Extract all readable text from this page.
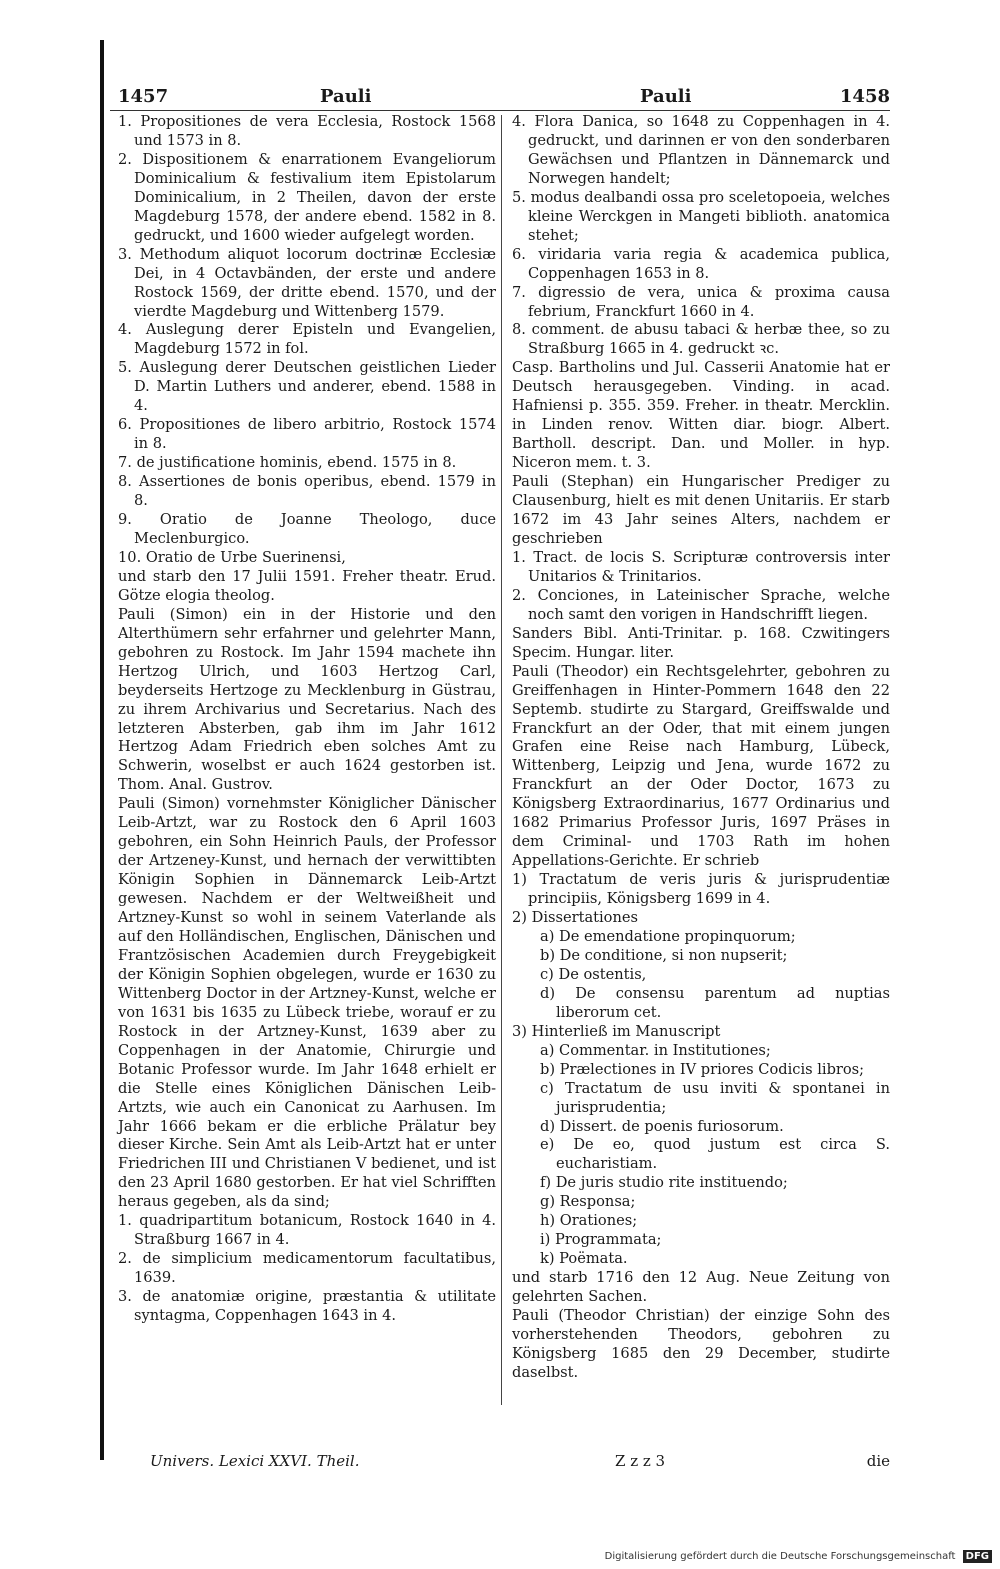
1457	Pauli	Pauli	1458

1. Propositiones de vera Ecclesia, Rostock 1568 und 1573 in 8.

2. Dispositionem & enarrationem Evangeliorum Dominicalium & festivalium item Epistolarum Dominicalium, in 2 Theilen, davon der erste Magdeburg 1578, der andere ebend. 1582 in 8. gedruckt, und 1600 wieder aufgelegt worden.

3. Methodum aliquot locorum doctrinæ Ecclesiæ Dei, in 4 Octavbänden, der erste und andere Rostock 1569, der dritte ebend. 1570, und der vierdte Magdeburg und Wittenberg 1579.

4. Auslegung derer Episteln und Evangelien, Magdeburg 1572 in fol.

5. Auslegung derer Deutschen geistlichen Lieder D. Martin Luthers und anderer, ebend. 1588 in 4.

6. Propositiones de libero arbitrio, Rostock 1574 in 8.

7. de justificatione hominis, ebend. 1575 in 8.

8. Assertiones de bonis operibus, ebend. 1579 in 8.

9. Oratio de Joanne Theologo, duce Meclenburgico.

10. Oratio de Urbe Suerinensi,

und starb den 17 Julii 1591. Freher theatr. Erud. Götze elogia theolog.

Pauli (Simon) ein in der Historie und den Alterthümern sehr erfahrner und gelehrter Mann, gebohren zu Rostock. Im Jahr 1594 machete ihn Hertzog Ulrich, und 1603 Hertzog Carl, beyderseits Hertzoge zu Mecklenburg in Güstrau, zu ihrem Archivarius und Secretarius. Nach des letzteren Absterben, gab ihm im Jahr 1612 Hertzog Adam Friedrich eben solches Amt zu Schwerin, woselbst er auch 1624 gestorben ist. Thom. Anal. Gustrov.

Pauli (Simon) vornehmster Königlicher Dänischer Leib-Artzt, war zu Rostock den 6 April 1603 gebohren, ein Sohn Heinrich Pauls, der Professor der Artzeney-Kunst, und hernach der verwittibten Königin Sophien in Dännemarck Leib-Artzt gewesen. Nachdem er der Weltweißheit und Artzney-Kunst so wohl in seinem Vaterlande als auf den Holländischen, Englischen, Dänischen und Frantzösischen Academien durch Freygebigkeit der Königin Sophien obgelegen, wurde er 1630 zu Wittenberg Doctor in der Artzney-Kunst, welche er von 1631 bis 1635 zu Lübeck triebe, worauf er zu Rostock in der Artzney-Kunst, 1639 aber zu Coppenhagen in der Anatomie, Chirurgie und Botanic Professor wurde. Im Jahr 1648 erhielt er die Stelle eines Königlichen Dänischen Leib-Artzts, wie auch ein Canonicat zu Aarhusen. Im Jahr 1666 bekam er die erbliche Prälatur bey dieser Kirche. Sein Amt als Leib-Artzt hat er unter Friedrichen III und Christianen V bedienet, und ist den 23 April 1680 gestorben. Er hat viel Schrifften heraus gegeben, als da sind;

1. quadripartitum botanicum, Rostock 1640 in 4. Straßburg 1667 in 4.

2. de simplicium medicamentorum facultatibus, 1639.

3. de anatomiæ origine, præstantia & utilitate syntagma, Coppenhagen 1643 in 4.

4. Flora Danica, so 1648 zu Coppenhagen in 4. gedruckt, und darinnen er von den sonderbaren Gewächsen und Pflantzen in Dännemarck und Norwegen handelt;

5. modus dealbandi ossa pro sceletopoeia, welches kleine Werckgen in Mangeti biblioth. anatomica stehet;

6. viridaria varia regia & academica publica, Coppenhagen 1653 in 8.

7. digressio de vera, unica & proxima causa febrium, Franckfurt 1660 in 4.

8. comment. de abusu tabaci & herbæ thee, so zu Straßburg 1665 in 4. gedruckt ꝛc.

Casp. Bartholins und Jul. Casserii Anatomie hat er Deutsch herausgegeben. Vinding. in acad. Hafniensi p. 355. 359. Freher. in theatr. Mercklin. in Linden renov. Witten diar. biogr. Albert. Bartholl. descript. Dan. und Moller. in hyp. Niceron mem. t. 3.

Pauli (Stephan) ein Hungarischer Prediger zu Clausenburg, hielt es mit denen Unitariis. Er starb 1672 im 43 Jahr seines Alters, nachdem er geschrieben

1. Tract. de locis S. Scripturæ controversis inter Unitarios & Trinitarios.

2. Conciones, in Lateinischer Sprache, welche noch samt den vorigen in Handschrifft liegen.

Sanders Bibl. Anti-Trinitar. p. 168. Czwitingers Specim. Hungar. liter.

Pauli (Theodor) ein Rechtsgelehrter, gebohren zu Greiffenhagen in Hinter-Pommern 1648 den 22 Septemb. studirte zu Stargard, Greiffswalde und Franckfurt an der Oder, that mit einem jungen Grafen eine Reise nach Hamburg, Lübeck, Wittenberg, Leipzig und Jena, wurde 1672 zu Franckfurt an der Oder Doctor, 1673 zu Königsberg Extraordinarius, 1677 Ordinarius und 1682 Primarius Professor Juris, 1697 Präses in dem Criminal- und 1703 Rath im hohen Appellations-Gerichte. Er schrieb

1) Tractatum de veris juris & jurisprudentiæ principiis, Königsberg 1699 in 4.

2) Dissertationes

a) De emendatione propinquorum;

b) De conditione, si non nupserit;

c) De ostentis,

d) De consensu parentum ad nuptias liberorum cet.

3) Hinterließ im Manuscript

a) Commentar. in Institutiones;

b) Prælectiones in IV priores Codicis libros;

c) Tractatum de usu inviti & spontanei in jurisprudentia;

d) Dissert. de poenis furiosorum.

e) De eo, quod justum est circa S. eucharistiam.

f) De juris studio rite instituendo;

g) Responsa;

h) Orationes;

i) Programmata;

k) Poëmata.

und starb 1716 den 12 Aug. Neue Zeitung von gelehrten Sachen.

Pauli (Theodor Christian) der einzige Sohn des vorherstehenden Theodors, gebohren zu Königsberg 1685 den 29 December, studirte daselbst.

Univers. Lexici XXVI. Theil.	Z z z 3	die
Digitalisierung gefördert durch die Deutsche Forschungsgemeinschaft DFG
